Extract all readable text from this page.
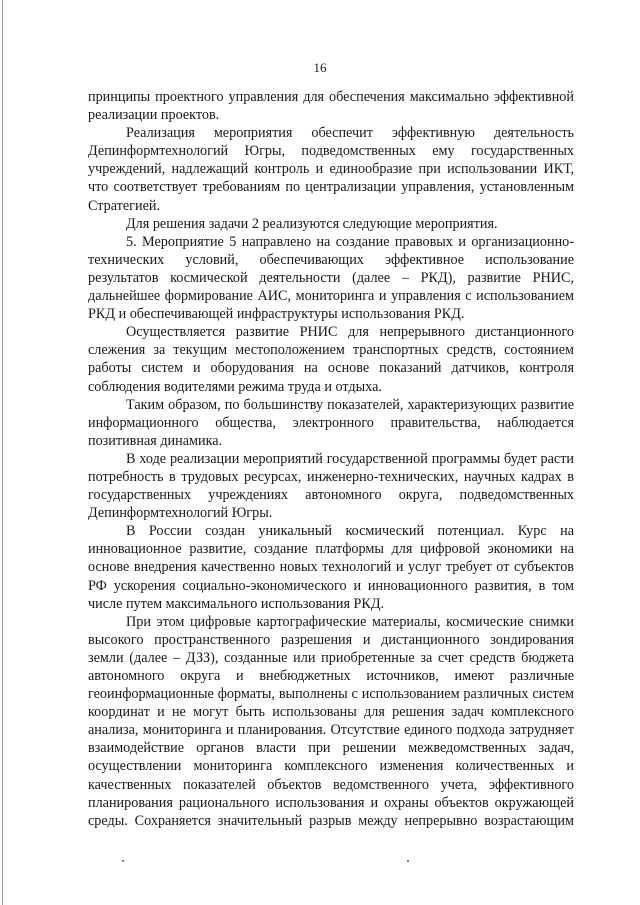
16

принципы проектного управления для обеспечения максимально эффективной реализации проектов.

Реализация мероприятия обеспечит эффективную деятельность Депинформтехнологий Югры, подведомственных ему государственных учреждений, надлежащий контроль и единообразие при использовании ИКТ, что соответствует требованиям по централизации управления, установленным Стратегией.

Для решения задачи 2 реализуются следующие мероприятия.

5. Мероприятие 5 направлено на создание правовых и организационно-технических условий, обеспечивающих эффективное использование результатов космической деятельности (далее – РКД), развитие РНИС, дальнейшее формирование АИС, мониторинга и управления с использованием РКД и обеспечивающей инфраструктуры использования РКД.

Осуществляется развитие РНИС для непрерывного дистанционного слежения за текущим местоположением транспортных средств, состоянием работы систем и оборудования на основе показаний датчиков, контроля соблюдения водителями режима труда и отдыха.

Таким образом, по большинству показателей, характеризующих развитие информационного общества, электронного правительства, наблюдается позитивная динамика.

В ходе реализации мероприятий государственной программы будет расти потребность в трудовых ресурсах, инженерно-технических, научных кадрах в государственных учреждениях автономного округа, подведомственных Депинформтехнологий Югры.

В России создан уникальный космический потенциал. Курс на инновационное развитие, создание платформы для цифровой экономики на основе внедрения качественно новых технологий и услуг требует от субъектов РФ ускорения социально-экономического и инновационного развития, в том числе путем максимального использования РКД.

При этом цифровые картографические материалы, космические снимки высокого пространственного разрешения и дистанционного зондирования земли (далее – ДЗЗ), созданные или приобретенные за счет средств бюджета автономного округа и внебюджетных источников, имеют различные геоинформационные форматы, выполнены с использованием различных систем координат и не могут быть использованы для решения задач комплексного анализа, мониторинга и планирования. Отсутствие единого подхода затрудняет взаимодействие органов власти при решении межведомственных задач, осуществлении мониторинга комплексного изменения количественных и качественных показателей объектов ведомственного учета, эффективного планирования рационального использования и охраны объектов окружающей среды. Сохраняется значительный разрыв между непрерывно возрастающим
